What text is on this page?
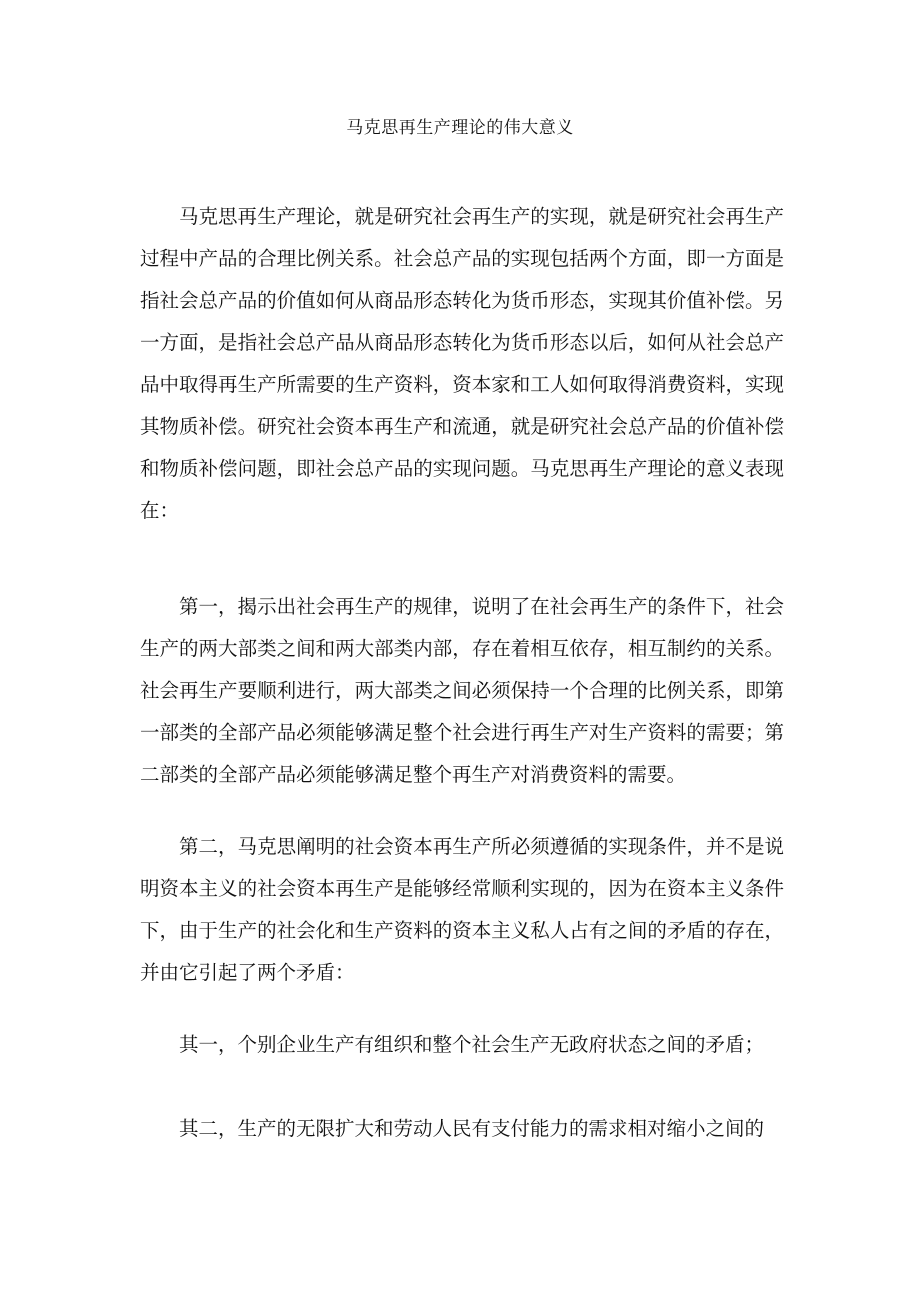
马克思再生产理论的伟大意义

马克思再生产理论，就是研究社会再生产的实现，就是研究社会再生产过程中产品的合理比例关系。社会总产品的实现包括两个方面，即一方面是指社会总产品的价值如何从商品形态转化为货币形态，实现其价值补偿。另一方面，是指社会总产品从商品形态转化为货币形态以后，如何从社会总产品中取得再生产所需要的生产资料，资本家和工人如何取得消费资料，实现其物质补偿。研究社会资本再生产和流通，就是研究社会总产品的价值补偿和物质补偿问题，即社会总产品的实现问题。马克思再生产理论的意义表现在：

第一，揭示出社会再生产的规律，说明了在社会再生产的条件下，社会生产的两大部类之间和两大部类内部，存在着相互依存，相互制约的关系。社会再生产要顺利进行，两大部类之间必须保持一个合理的比例关系，即第一部类的全部产品必须能够满足整个社会进行再生产对生产资料的需要；第二部类的全部产品必须能够满足整个再生产对消费资料的需要。

第二，马克思阐明的社会资本再生产所必须遵循的实现条件，并不是说明资本主义的社会资本再生产是能够经常顺利实现的，因为在资本主义条件下，由于生产的社会化和生产资料的资本主义私人占有之间的矛盾的存在，并由它引起了两个矛盾：

其一，个别企业生产有组织和整个社会生产无政府状态之间的矛盾；

其二，生产的无限扩大和劳动人民有支付能力的需求相对缩小之间的
